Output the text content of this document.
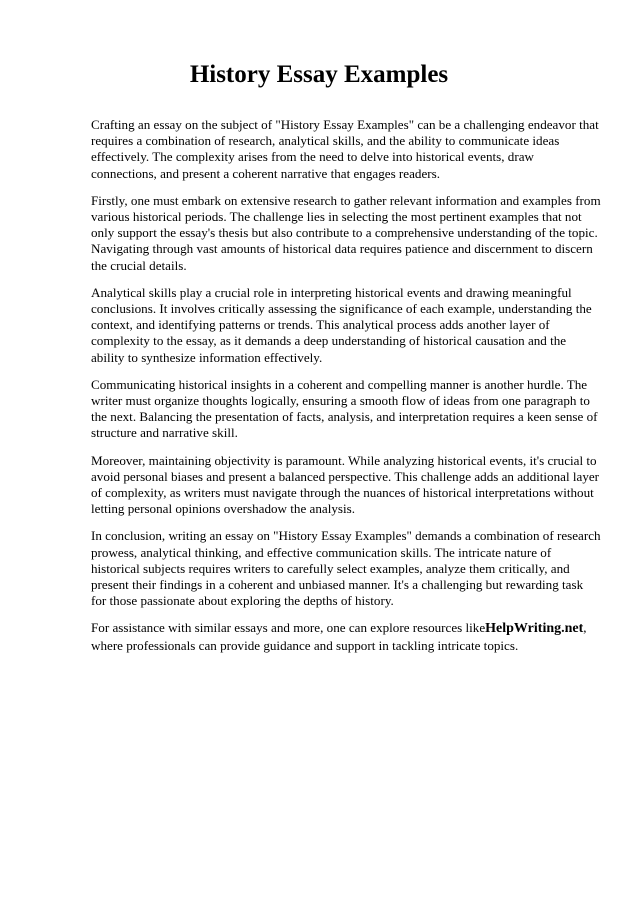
History Essay Examples

Crafting an essay on the subject of "History Essay Examples" can be a challenging endeavor that requires a combination of research, analytical skills, and the ability to communicate ideas effectively. The complexity arises from the need to delve into historical events, draw connections, and present a coherent narrative that engages readers.

Firstly, one must embark on extensive research to gather relevant information and examples from various historical periods. The challenge lies in selecting the most pertinent examples that not only support the essay's thesis but also contribute to a comprehensive understanding of the topic. Navigating through vast amounts of historical data requires patience and discernment to discern the crucial details.

Analytical skills play a crucial role in interpreting historical events and drawing meaningful conclusions. It involves critically assessing the significance of each example, understanding the context, and identifying patterns or trends. This analytical process adds another layer of complexity to the essay, as it demands a deep understanding of historical causation and the ability to synthesize information effectively.

Communicating historical insights in a coherent and compelling manner is another hurdle. The writer must organize thoughts logically, ensuring a smooth flow of ideas from one paragraph to the next. Balancing the presentation of facts, analysis, and interpretation requires a keen sense of structure and narrative skill.

Moreover, maintaining objectivity is paramount. While analyzing historical events, it's crucial to avoid personal biases and present a balanced perspective. This challenge adds an additional layer of complexity, as writers must navigate through the nuances of historical interpretations without letting personal opinions overshadow the analysis.

In conclusion, writing an essay on "History Essay Examples" demands a combination of research prowess, analytical thinking, and effective communication skills. The intricate nature of historical subjects requires writers to carefully select examples, analyze them critically, and present their findings in a coherent and unbiased manner. It's a challenging but rewarding task for those passionate about exploring the depths of history.

For assistance with similar essays and more, one can explore resources likeHelpWriting.net, where professionals can provide guidance and support in tackling intricate topics.
